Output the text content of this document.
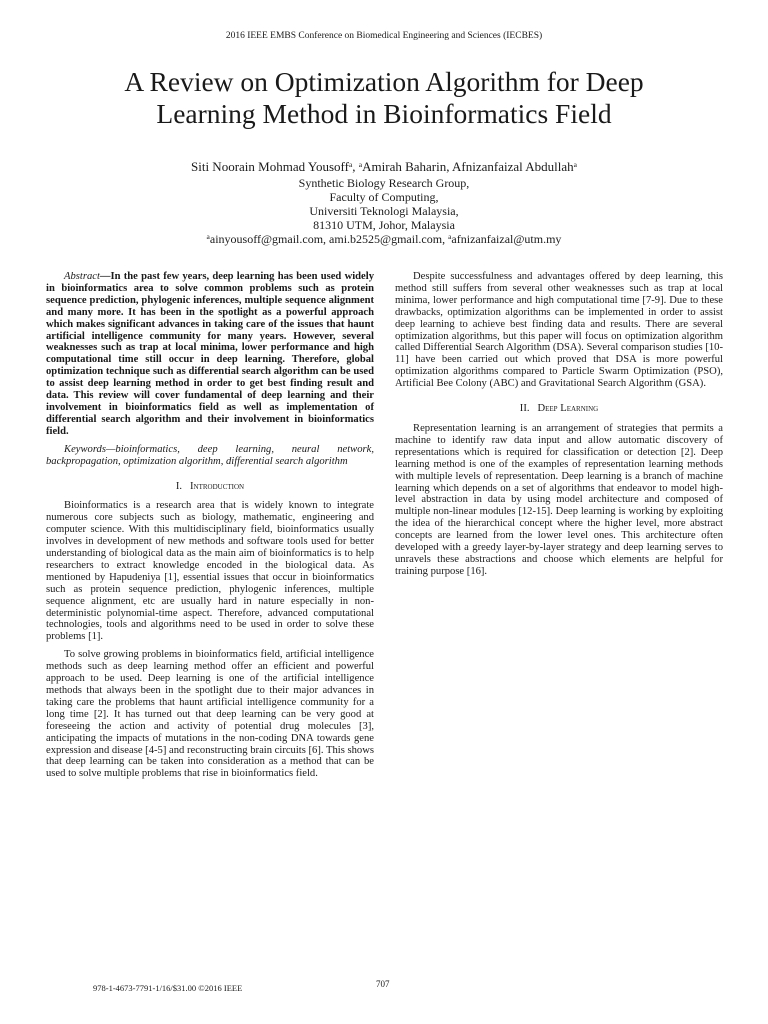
2016 IEEE EMBS Conference on Biomedical Engineering and Sciences (IECBES)
A Review on Optimization Algorithm for Deep
Learning Method in Bioinformatics Field
Siti Noorain Mohmad Yousoff$^a$, $^a$Amirah Baharin, Afnizanfaizal Abdullah$^a$
Synthetic Biology Research Group,
Faculty of Computing,
Universiti Teknologi Malaysia,
81310 UTM, Johor, Malaysia
$^a$ainyousoff@gmail.com, ami.b2525@gmail.com, $^a$afnizanfaizal@utm.my

Abstract—In the past few years, deep learning has been used widely in bioinformatics area to solve common problems such as protein sequence prediction, phylogenic inferences, multiple sequence alignment and many more. It has been in the spotlight as a powerful approach which makes significant advances in taking care of the issues that haunt artificial intelligence community for many years. However, several weaknesses such as trap at local minima, lower performance and high computational time still occur in deep learning. Therefore, global optimization technique such as differential search algorithm can be used to assist deep learning method in order to get best finding result and data. This review will cover fundamental of deep learning and their involvement in bioinformatics field as well as implementation of differential search algorithm and their involvement in bioinformatics field.

Keywords—bioinformatics, deep learning, neural network, backpropagation, optimization algorithm, differential search algorithm

I. Introduction

Bioinformatics is a research area that is widely known to integrate numerous core subjects such as biology, mathematic, engineering and computer science. With this multidisciplinary field, bioinformatics usually involves in development of new methods and software tools used for better understanding of biological data as the main aim of bioinformatics is to help researchers to extract knowledge encoded in the biological data. As mentioned by Hapudeniya [1], essential issues that occur in bioinformatics such as protein sequence prediction, phylogenic inferences, multiple sequence alignment, etc are usually hard in nature especially in non-deterministic polynomial-time aspect. Therefore, advanced computational technologies, tools and algorithms need to be used in order to solve these problems [1].

To solve growing problems in bioinformatics field, artificial intelligence methods such as deep learning method offer an efficient and powerful approach to be used. Deep learning is one of the artificial intelligence methods that always been in the spotlight due to their major advances in taking care the problems that haunt artificial intelligence community for a long time [2]. It has turned out that deep learning can be very good at foreseeing the action and activity of potential drug molecules [3], anticipating the impacts of mutations in the non-coding DNA towards gene expression and disease [4-5] and reconstructing brain circuits [6]. This shows that deep learning can be taken into consideration as a method that can be used to solve multiple problems that rise in bioinformatics field.

Despite successfulness and advantages offered by deep learning, this method still suffers from several other weaknesses such as trap at local minima, lower performance and high computational time [7-9]. Due to these drawbacks, optimization algorithms can be implemented in order to assist deep learning to achieve best finding data and results. There are several optimization algorithms, but this paper will focus on optimization algorithm called Differential Search Algorithm (DSA). Several comparison studies [10-11] have been carried out which proved that DSA is more powerful optimization algorithms compared to Particle Swarm Optimization (PSO), Artificial Bee Colony (ABC) and Gravitational Search Algorithm (GSA).

II. Deep Learning

Representation learning is an arrangement of strategies that permits a machine to identify raw data input and allow automatic discovery of representations which is required for classification or detection [2]. Deep learning method is one of the examples of representation learning methods with multiple levels of representation. Deep learning is a branch of machine learning which depends on a set of algorithms that endeavor to model high-level abstraction in data by using model architecture and composed of multiple non-linear modules [12-15]. Deep learning is working by exploiting the idea of the hierarchical concept where the higher level, more abstract concepts are learned from the lower level ones. This architecture often developed with a greedy layer-by-layer strategy and deep learning serves to unravels these abstractions and choose which elements are helpful for training purpose [16].

978-1-4673-7791-1/16/$31.00 ©2016 IEEE	707
